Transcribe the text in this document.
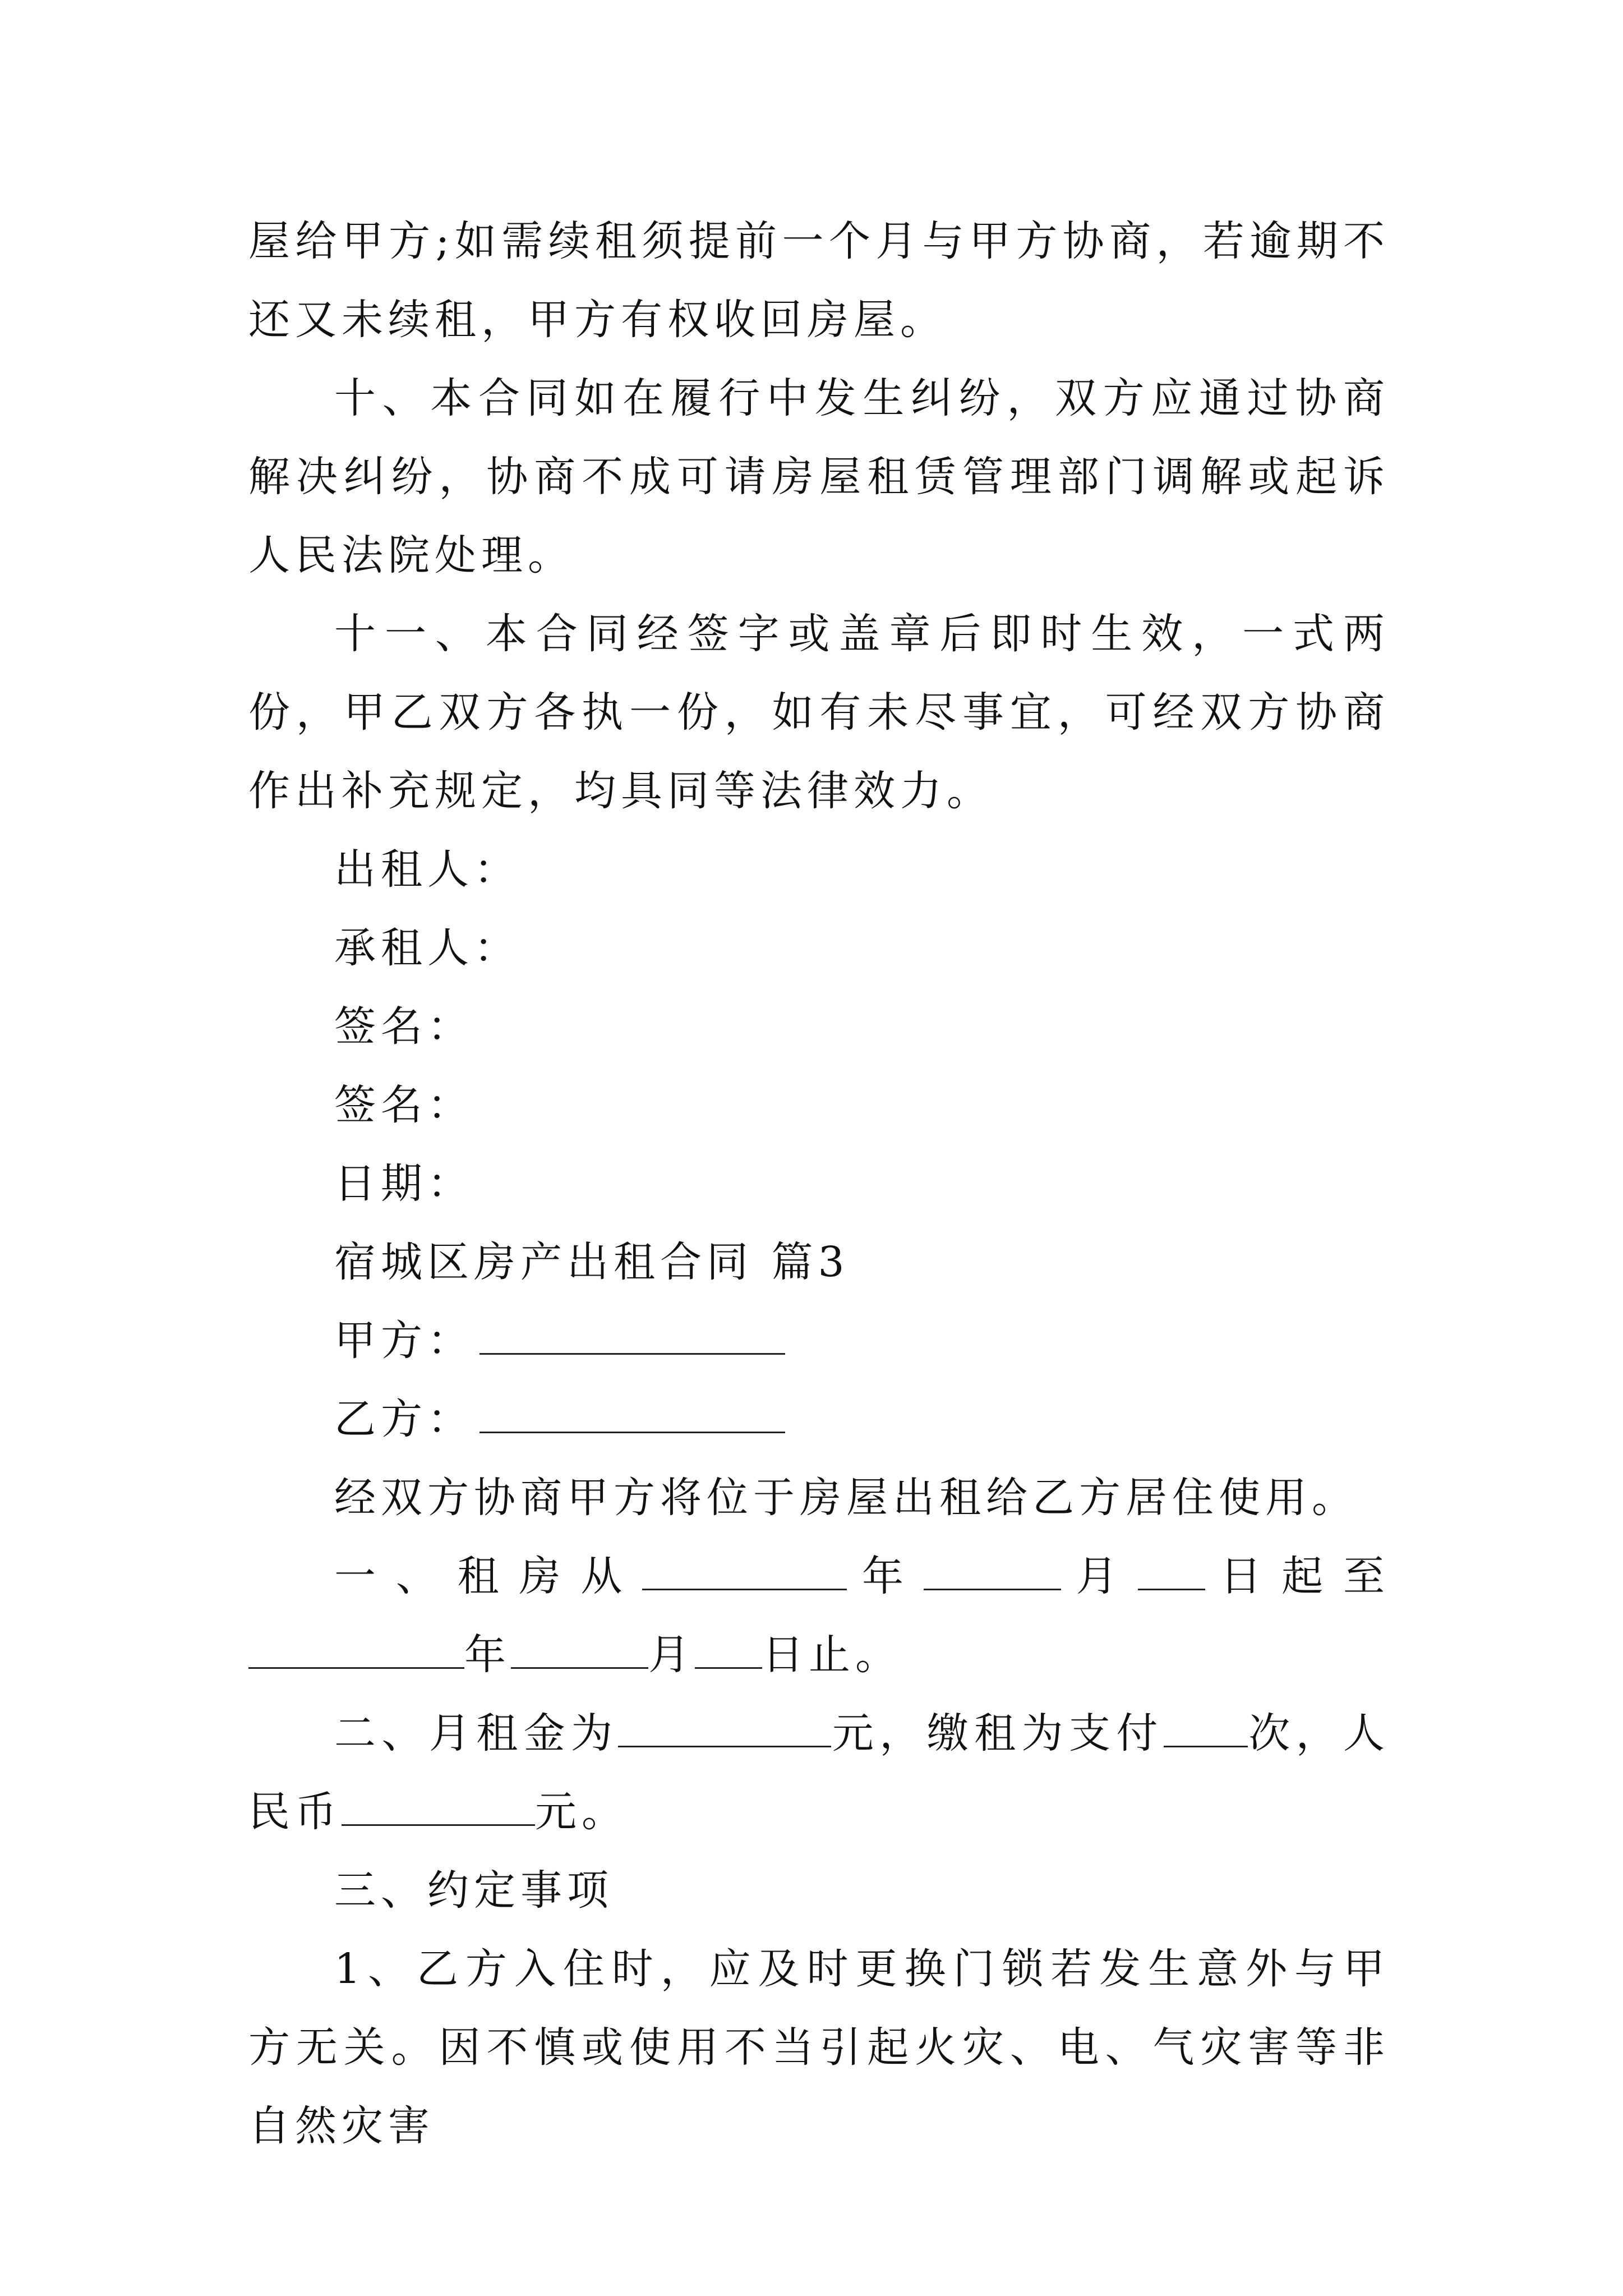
屋给甲方;如需续租须提前一个月与甲方协商，若逾期不还又未续租，甲方有权收回房屋。

十、本合同如在履行中发生纠纷，双方应通过协商解决纠纷，协商不成可请房屋租赁管理部门调解或起诉人民法院处理。

十一、本合同经签字或盖章后即时生效，一式两份，甲乙双方各执一份，如有未尽事宜，可经双方协商作出补充规定，均具同等法律效力。

出租人：

承租人：

签名：

签名：

日期：

宿城区房产出租合同 篇3

甲方：

乙方：

经双方协商甲方将位于房屋出租给乙方居住使用。

一、租房从	年	月 日起至年	月 日止。

二、月租金为	元，缴租为支付 次，人民币	元。

三、约定事项

1、乙方入住时，应及时更换门锁若发生意外与甲方无关。因不慎或使用不当引起火灾、电、气灾害等非自然灾害
